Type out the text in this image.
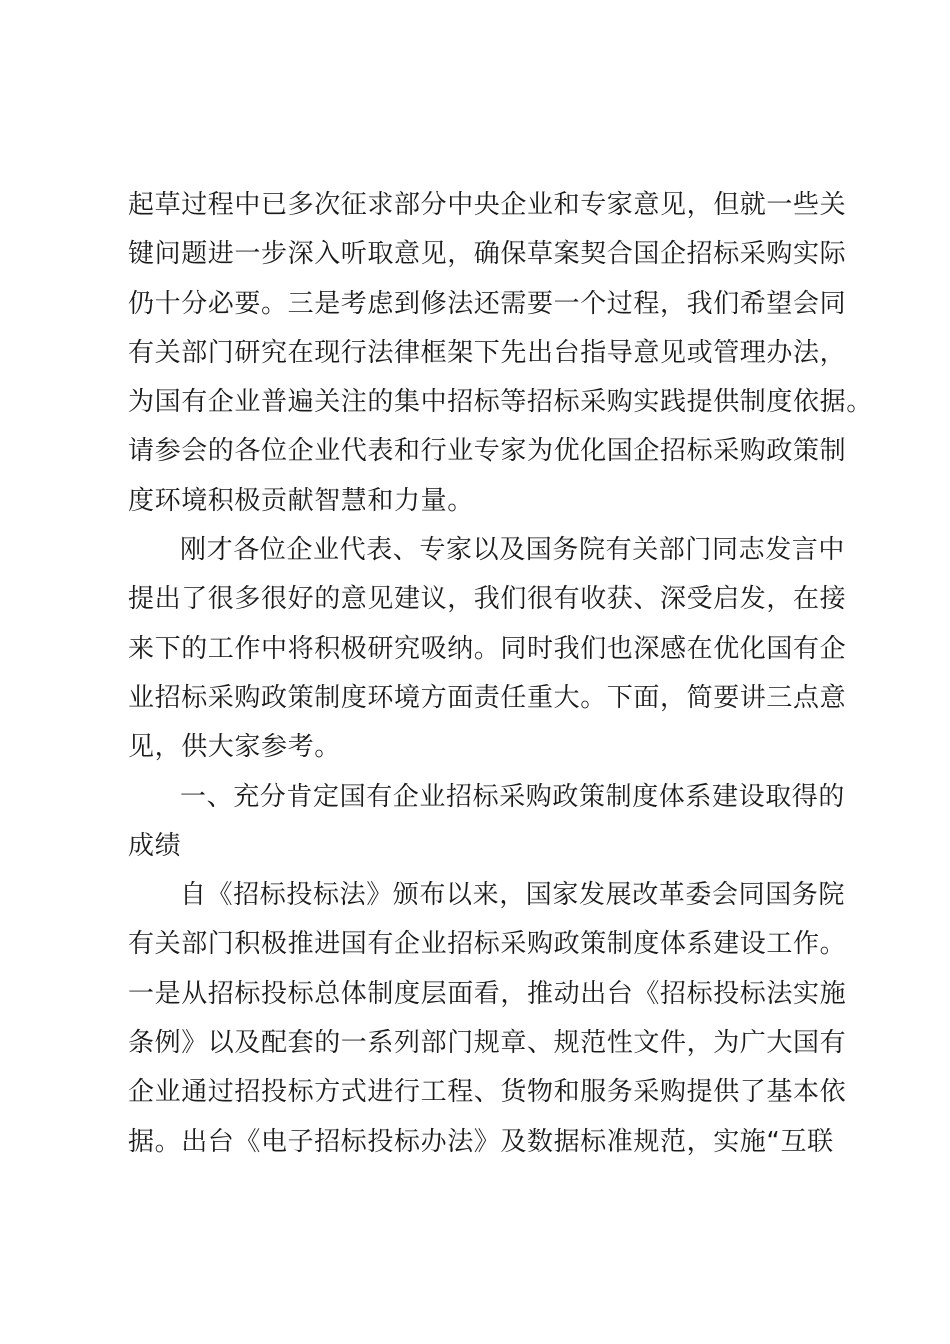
起草过程中已多次征求部分中央企业和专家意见，但就一些关
键问题进一步深入听取意见，确保草案契合国企招标采购实际
仍十分必要。三是考虑到修法还需要一个过程，我们希望会同
有关部门研究在现行法律框架下先出台指导意见或管理办法，
为国有企业普遍关注的集中招标等招标采购实践提供制度依据。
请参会的各位企业代表和行业专家为优化国企招标采购政策制
度环境积极贡献智慧和力量。
刚才各位企业代表、专家以及国务院有关部门同志发言中
提出了很多很好的意见建议，我们很有收获、深受启发，在接
来下的工作中将积极研究吸纳。同时我们也深感在优化国有企
业招标采购政策制度环境方面责任重大。下面，简要讲三点意
见，供大家参考。
一、充分肯定国有企业招标采购政策制度体系建设取得的
成绩
自《招标投标法》颁布以来，国家发展改革委会同国务院
有关部门积极推进国有企业招标采购政策制度体系建设工作。
一是从招标投标总体制度层面看，推动出台《招标投标法实施
条例》以及配套的一系列部门规章、规范性文件，为广大国有
企业通过招投标方式进行工程、货物和服务采购提供了基本依
据。出台《电子招标投标办法》及数据标准规范，实施“互联
